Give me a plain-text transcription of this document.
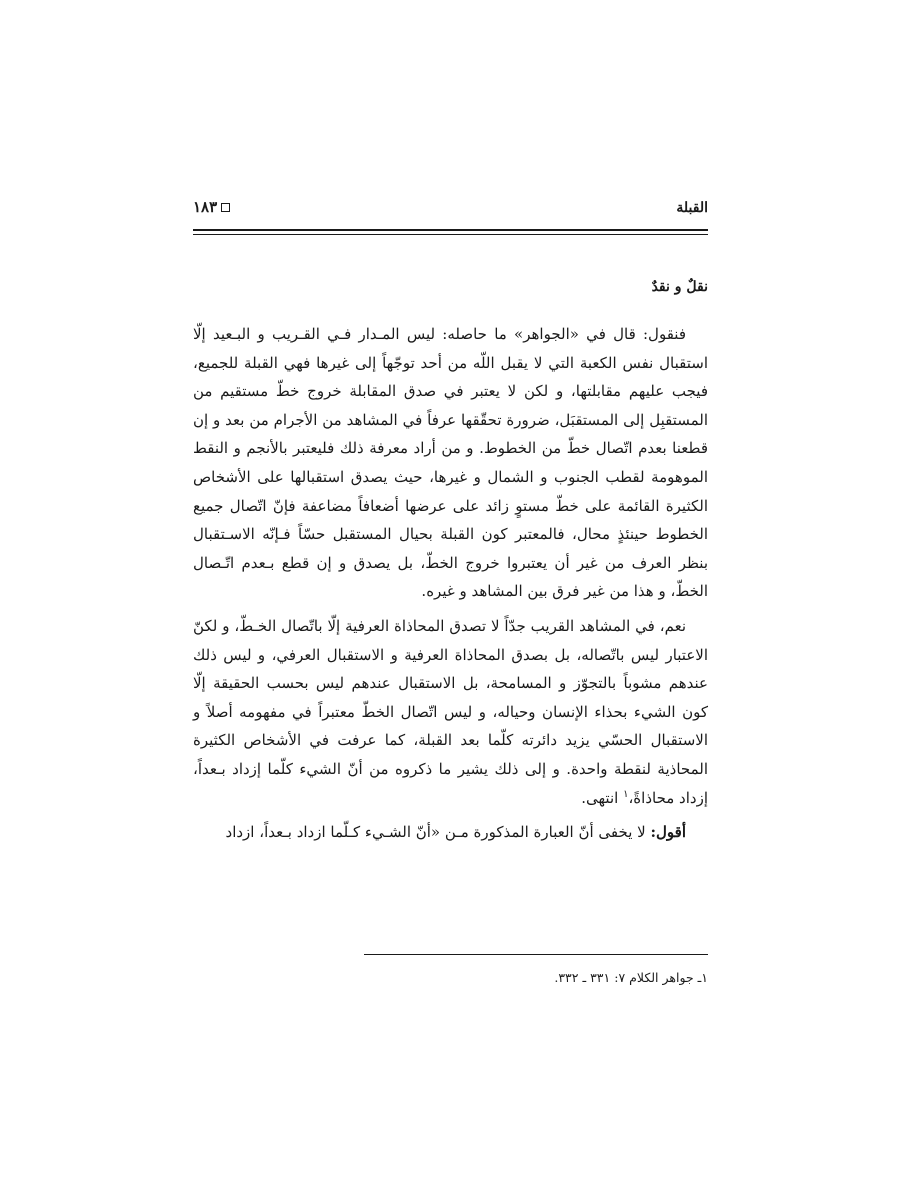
القبلة
۱۸۳
نقلٌ و نقدٌ

فنقول: قال في «الجواهر» ما حاصله: ليس المـدار فـي القـريب و البـعيد إلّا استقبال نفس الكعبة التي لا يقبل اللّه من أحد توجّهاً إلى غيرها فهي القبلة للجميع، فيجب عليهم مقابلتها، و لكن لا يعتبر في صدق المقابلة خروج خطّ مستقيم من المستقبِل إلى المستقبَل، ضرورة تحقّقها عرفاً في المشاهد من الأجرام من بعد و إن قطعنا بعدم اتّصال خطّ من الخطوط. و من أراد معرفة ذلك فليعتبر بالأنجم و النقط الموهومة لقطب الجنوب و الشمال و غيرها، حيث يصدق استقبالها على الأشخاص الكثيرة القائمة على خطّ مستوٍ زائد على عرضها أضعافاً مضاعفة فإنّ اتّصال جميع الخطوط حينئذٍ محال، فالمعتبر كون القبلة بحيال المستقبل حسّاً فـإنّه الاسـتقبال بنظر العرف من غير أن يعتبروا خروج الخطّ، بل يصدق و إن قطع بـعدم اتّـصال الخطّ، و هذا من غير فرق بين المشاهد و غيره.

نعم، في المشاهد القريب جدّاً لا تصدق المحاذاة العرفية إلّا باتّصال الخـطّ، و لكنّ الاعتبار ليس باتّصاله، بل بصدق المحاذاة العرفية و الاستقبال العرفي، و ليس ذلك عندهم مشوباً بالتجوّز و المسامحة، بل الاستقبال عندهم ليس بحسب الحقيقة إلّا كون الشيء بحذاء الإنسان وحياله، و ليس اتّصال الخطّ معتبراً في مفهومه أصلاً و الاستقبال الحسّي يزيد دائرته كلّما بعد القبلة، كما عرفت في الأشخاص الكثيرة المحاذية لنقطة واحدة. و إلى ذلك يشير ما ذكروه من أنّ الشيء كلّما إزداد بـعداً، إزداد محاذاةً،$^۱$ انتهى.

أقول: لا يخفى أنّ العبارة المذكورة مـن «أنّ الشـيء كـلّما ازداد بـعداً، ازداد

۱ـ جواهر الكلام ۷: ۳۳۱ ـ ۳۳۲.
